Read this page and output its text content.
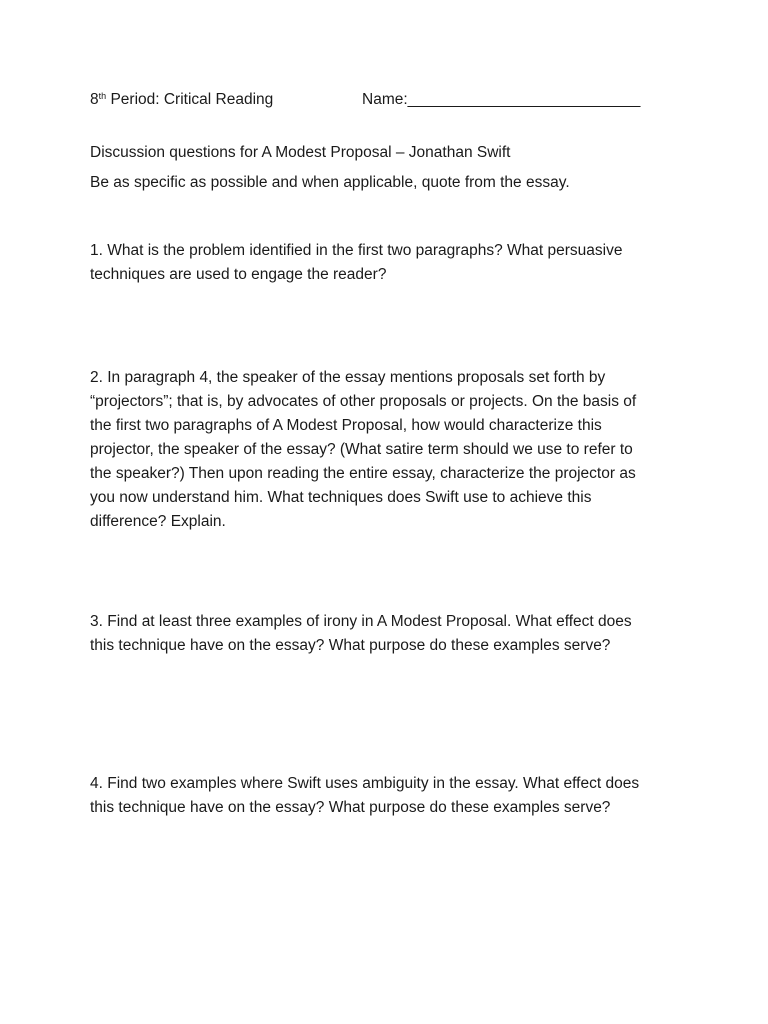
8th Period: Critical Reading	Name:___________________________
Discussion questions for A Modest Proposal – Jonathan Swift
Be as specific as possible and when applicable, quote from the essay.
1. What is the problem identified in the first two paragraphs? What persuasive
techniques are used to engage the reader?
2. In paragraph 4, the speaker of the essay mentions proposals set forth by
“projectors”; that is, by advocates of other proposals or projects. On the basis of
the first two paragraphs of A Modest Proposal, how would characterize this
projector, the speaker of the essay? (What satire term should we use to refer to
the speaker?) Then upon reading the entire essay, characterize the projector as
you now understand him. What techniques does Swift use to achieve this
difference? Explain.
3. Find at least three examples of irony in A Modest Proposal. What effect does
this technique have on the essay? What purpose do these examples serve?
4. Find two examples where Swift uses ambiguity in the essay. What effect does
this technique have on the essay? What purpose do these examples serve?
